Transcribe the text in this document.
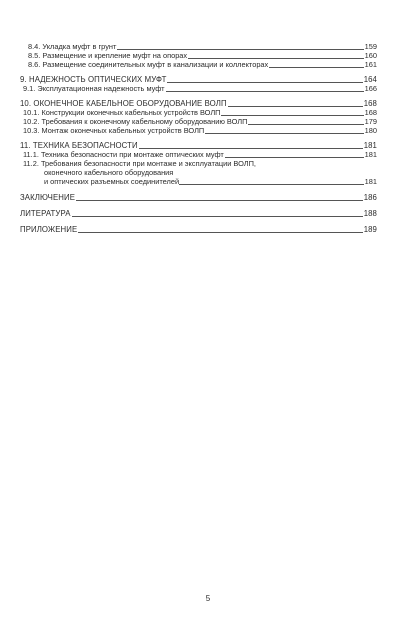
8.4. Укладка муфт в грунт	159
8.5. Размещение и крепление муфт на опорах	160
8.6. Размещение соединительных муфт в канализации и коллекторах	161
9. НАДЕЖНОСТЬ ОПТИЧЕСКИХ МУФТ	164
9.1. Эксплуатационная надежность муфт	166
10. ОКОНЕЧНОЕ КАБЕЛЬНОЕ ОБОРУДОВАНИЕ ВОЛП	168
10.1. Конструкции оконечных кабельных устройств ВОЛП	168
10.2. Требования к оконечному кабельному оборудованию ВОЛП	179
10.3. Монтаж оконечных кабельных устройств ВОЛП	180
11. ТЕХНИКА БЕЗОПАСНОСТИ	181
11.1. Техника безопасности при монтаже оптических муфт	181
11.2. Требования безопасности при монтаже и эксплуатации ВОЛП,
оконечного кабельного оборудования
и оптических разъемных соединителей	181
ЗАКЛЮЧЕНИЕ	186
ЛИТЕРАТУРА	188
ПРИЛОЖЕНИЕ	189
5
